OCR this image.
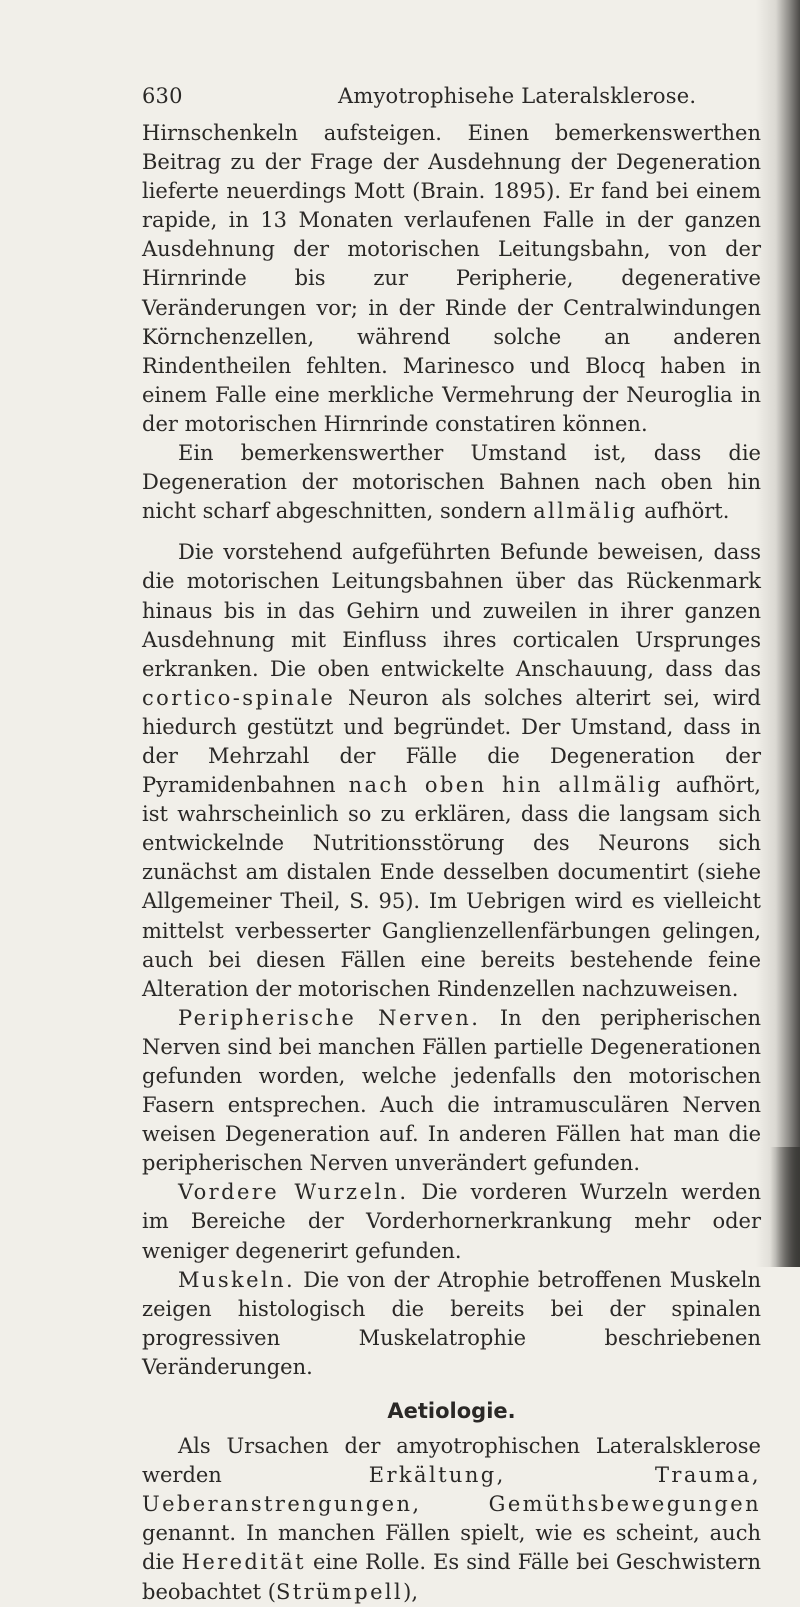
630	Amyotrophisehe Lateralsklerose.

Hirnschenkeln aufsteigen. Einen bemerkenswerthen Beitrag zu der Frage der Ausdehnung der Degeneration lieferte neuerdings Mott (Brain. 1895). Er fand bei einem rapide, in 13 Monaten verlaufenen Falle in der ganzen Ausdehnung der motorischen Leitungsbahn, von der Hirnrinde bis zur Peripherie, degenerative Veränderungen vor; in der Rinde der Centralwindungen Körnchenzellen, während solche an anderen Rindentheilen fehlten. Marinesco und Blocq haben in einem Falle eine merkliche Vermehrung der Neuroglia in der motorischen Hirnrinde constatiren können.

Ein bemerkenswerther Umstand ist, dass die Degeneration der motorischen Bahnen nach oben hin nicht scharf abgeschnitten, sondern allmälig aufhört.

Die vorstehend aufgeführten Befunde beweisen, dass die motorischen Leitungsbahnen über das Rückenmark hinaus bis in das Gehirn und zuweilen in ihrer ganzen Ausdehnung mit Einfluss ihres corticalen Ursprunges erkranken. Die oben entwickelte Anschauung, dass das cortico-spinale Neuron als solches alterirt sei, wird hiedurch gestützt und begründet. Der Umstand, dass in der Mehrzahl der Fälle die Degeneration der Pyramidenbahnen nach oben hin allmälig aufhört, ist wahrscheinlich so zu erklären, dass die langsam sich entwickelnde Nutritionsstörung des Neurons sich zunächst am distalen Ende desselben documentirt (siehe Allgemeiner Theil, S. 95). Im Uebrigen wird es vielleicht mittelst verbesserter Ganglienzellenfärbungen gelingen, auch bei diesen Fällen eine bereits bestehende feine Alteration der motorischen Rindenzellen nachzuweisen.

Peripherische Nerven. In den peripherischen Nerven sind bei manchen Fällen partielle Degenerationen gefunden worden, welche jedenfalls den motorischen Fasern entsprechen. Auch die intramusculären Nerven weisen Degeneration auf. In anderen Fällen hat man die peripherischen Nerven unverändert gefunden.

Vordere Wurzeln. Die vorderen Wurzeln werden im Bereiche der Vorderhornerkrankung mehr oder weniger degenerirt gefunden.

Muskeln. Die von der Atrophie betroffenen Muskeln zeigen histologisch die bereits bei der spinalen progressiven Muskelatrophie beschriebenen Veränderungen.

Aetiologie.

Als Ursachen der amyotrophischen Lateralsklerose werden Erkältung, Trauma, Ueberanstrengungen, Gemüthsbewegungen genannt. In manchen Fällen spielt, wie es scheint, auch die Heredität eine Rolle. Es sind Fälle bei Geschwistern beobachtet (Strümpell),
